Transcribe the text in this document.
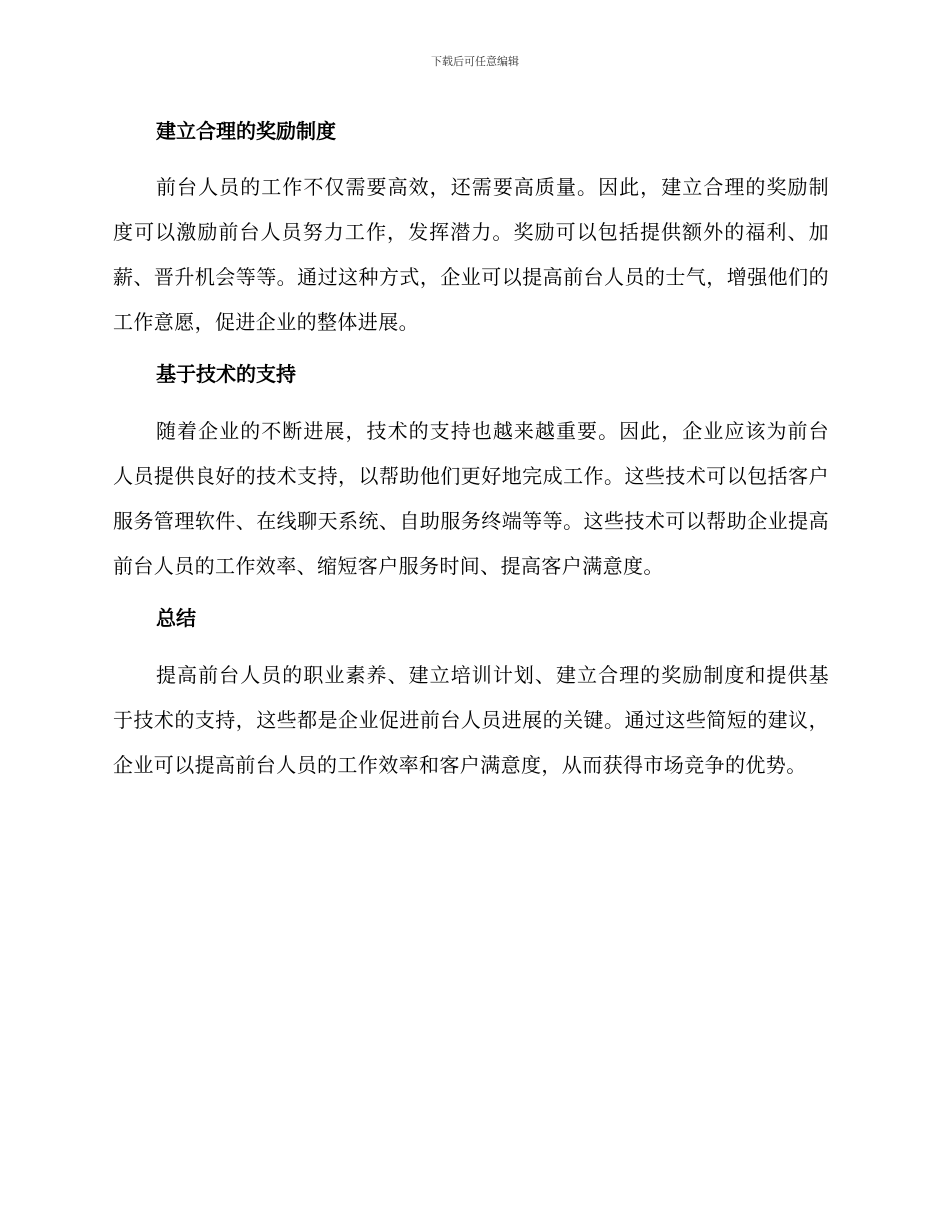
下载后可任意编辑
建立合理的奖励制度

前台人员的工作不仅需要高效，还需要高质量。因此，建立合理的奖励制度可以激励前台人员努力工作，发挥潜力。奖励可以包括提供额外的福利、加薪、晋升机会等等。通过这种方式，企业可以提高前台人员的士气，增强他们的工作意愿，促进企业的整体进展。

基于技术的支持

随着企业的不断进展，技术的支持也越来越重要。因此，企业应该为前台人员提供良好的技术支持，以帮助他们更好地完成工作。这些技术可以包括客户服务管理软件、在线聊天系统、自助服务终端等等。这些技术可以帮助企业提高前台人员的工作效率、缩短客户服务时间、提高客户满意度。

总结

提高前台人员的职业素养、建立培训计划、建立合理的奖励制度和提供基于技术的支持，这些都是企业促进前台人员进展的关键。通过这些简短的建议，企业可以提高前台人员的工作效率和客户满意度，从而获得市场竞争的优势。
